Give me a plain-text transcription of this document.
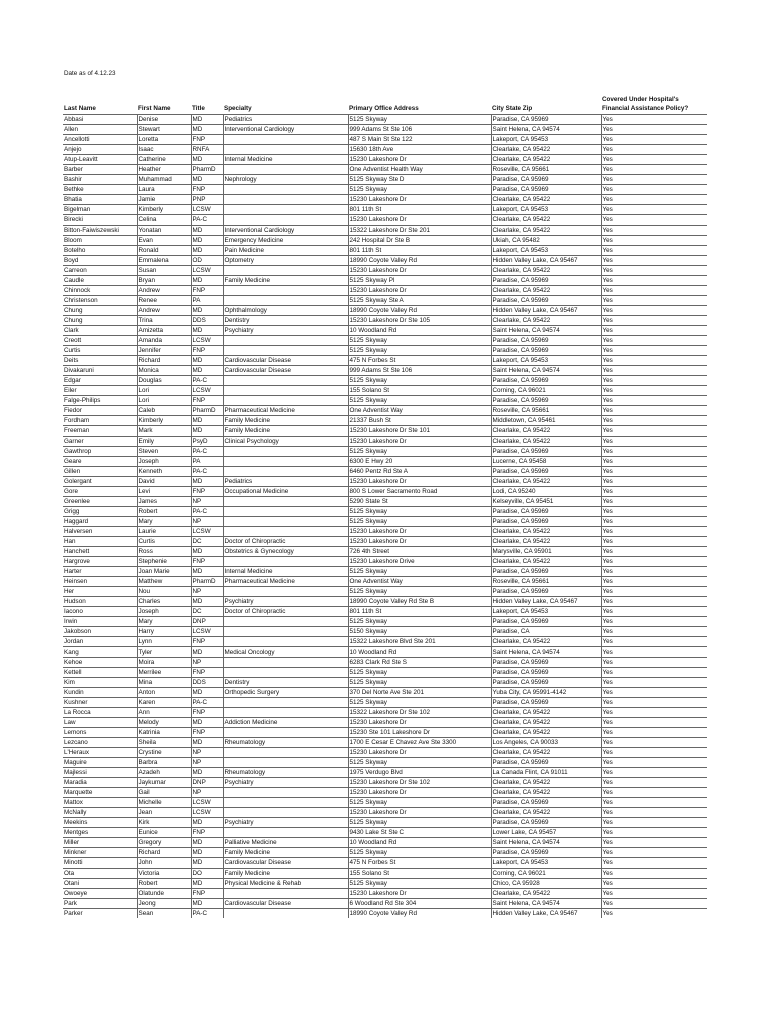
Date as of 4.12.23
Last Name	First Name	Title	Specialty	Primary Office Address	City State Zip	Covered Under Hospital's Financial Assistance Policy?
Abbasi	Denise	MD	Pediatrics	5125 Skyway	Paradise, CA 95969	Yes
Allen	Stewart	MD	Interventional Cardiology	999 Adams St Ste 106	Saint Helena, CA 94574	Yes
Ancellotti	Loretta	FNP		487 S Main St Ste 122	Lakeport, CA 95453	Yes
Anjejo	Isaac	RNFA		15630 18th Ave	Clearlake, CA 95422	Yes
Atup-Leavitt	Catherine	MD	Internal Medicine	15230 Lakeshore Dr	Clearlake, CA 95422	Yes
Barber	Heather	PharmD		One Adventist Health Way	Roseville, CA 95661	Yes
Bashir	Muhammad	MD	Nephrology	5125 Skyway Ste D	Paradise, CA 95969	Yes
Bethke	Laura	FNP		5125 Skyway	Paradise, CA 95969	Yes
Bhatia	Jamie	PNP		15230 Lakeshore Dr	Clearlake, CA 95422	Yes
Bigelman	Kimberly	LCSW		801 11th St	Lakeport, CA 95453	Yes
Birecki	Celina	PA-C		15230 Lakeshore Dr	Clearlake, CA 95422	Yes
Bitton-Faiwiszewski	Yonatan	MD	Interventional Cardiology	15322 Lakeshore Dr Ste 201	Clearlake, CA 95422	Yes
Bloom	Evan	MD	Emergency Medicine	242 Hospital Dr Ste B	Ukiah, CA 95482	Yes
Botelho	Ronald	MD	Pain Medicine	801 11th St	Lakeport, CA 95453	Yes
Boyd	Emmalena	OD	Optometry	18990 Coyote Valley Rd	Hidden Valley Lake, CA 95467	Yes
Carreon	Susan	LCSW		15230 Lakeshore Dr	Clearlake, CA 95422	Yes
Caudle	Bryan	MD	Family Medicine	5125 Skyway Pl	Paradise, CA 95969	Yes
Chinnock	Andrew	FNP		15230 Lakeshore Dr	Clearlake, CA 95422	Yes
Christenson	Renee	PA		5125 Skyway Ste A	Paradise, CA 95969	Yes
Chung	Andrew	MD	Ophthalmology	18990 Coyote Valley Rd	Hidden Valley Lake, CA 95467	Yes
Chung	Trina	DDS	Dentistry	15230 Lakeshore Dr Ste 105	Clearlake, CA 95422	Yes
Clark	Amizetta	MD	Psychiatry	10 Woodland Rd	Saint Helena, CA 94574	Yes
Creott	Amanda	LCSW		5125 Skyway	Paradise, CA 95969	Yes
Curtis	Jennifer	FNP		5125 Skyway	Paradise, CA 95969	Yes
Deits	Richard	MD	Cardiovascular Disease	475 N Forbes St	Lakeport, CA 95453	Yes
Divakaruni	Monica	MD	Cardiovascular Disease	999 Adams St Ste 106	Saint Helena, CA 94574	Yes
Edgar	Douglas	PA-C		5125 Skyway	Paradise, CA 95969	Yes
Eiler	Lori	LCSW		155 Solano St	Corning, CA 96021	Yes
Falge-Philips	Lori	FNP		5125 Skyway	Paradise, CA 95969	Yes
Fiedor	Caleb	PharmD	Pharmaceutical Medicine	One Adventist Way	Roseville, CA 95661	Yes
Fordham	Kimberly	MD	Family Medicine	21337 Bush St	Middletown, CA 95461	Yes
Freeman	Mark	MD	Family Medicine	15230 Lakeshore Dr Ste 101	Clearlake, CA 95422	Yes
Garner	Emily	PsyD	Clinical Psychology	15230 Lakeshore Dr	Clearlake, CA 95422	Yes
Gawthrop	Steven	PA-C		5125 Skyway	Paradise, CA 95969	Yes
Geare	Joseph	PA		6300 E Hwy 20	Lucerne, CA 95458	Yes
Gillen	Kenneth	PA-C		6460 Pentz Rd Ste A	Paradise, CA 95969	Yes
Golergant	David	MD	Pediatrics	15230 Lakeshore Dr	Clearlake, CA 95422	Yes
Gore	Levi	FNP	Occupational Medicine	800 S Lower Sacramento Road	Lodi, CA 95240	Yes
Greenlee	James	NP		5290 State St	Kelseyville, CA 95451	Yes
Grigg	Robert	PA-C		5125 Skyway	Paradise, CA 95969	Yes
Haggard	Mary	NP		5125 Skyway	Paradise, CA 95969	Yes
Halversen	Laurie	LCSW		15230 Lakeshore Dr	Clearlake, CA 95422	Yes
Han	Curtis	DC	Doctor of Chiropractic	15230 Lakeshore Dr	Clearlake, CA 95422	Yes
Hanchett	Ross	MD	Obstetrics & Gynecology	726 4th Street	Marysville, CA 95901	Yes
Hargrove	Stephenie	FNP		15230 Lakeshore Drive	Clearlake, CA 95422	Yes
Harter	Joan Marie	MD	Internal Medicine	5125 Skyway	Paradise, CA 95969	Yes
Heinsen	Matthew	PharmD	Pharmaceutical Medicine	One Adventist Way	Roseville, CA 95661	Yes
Her	Nou	NP		5125 Skyway	Paradise, CA 95969	Yes
Hudson	Charles	MD	Psychiatry	18990 Coyote Valley Rd Ste B	Hidden Valley Lake, CA 95467	Yes
Iacono	Joseph	DC	Doctor of Chiropractic	801 11th St	Lakeport, CA 95453	Yes
Irwin	Mary	DNP		5125 Skyway	Paradise, CA 95969	Yes
Jakobson	Harry	LCSW		5150 Skyway	Paradise, CA	Yes
Jordan	Lynn	FNP		15322 Lakeshore Blvd Ste 201	Clearlake, CA 95422	Yes
Kang	Tyler	MD	Medical Oncology	10 Woodland Rd	Saint Helena, CA 94574	Yes
Kehoe	Moira	NP		6283 Clark Rd Ste S	Paradise, CA 95969	Yes
Kettell	Merrilee	FNP		5125 Skyway	Paradise, CA 95969	Yes
Kim	Mina	DDS	Dentistry	5125 Skyway	Paradise, CA 95969	Yes
Kundin	Anton	MD	Orthopedic Surgery	370 Del Norte Ave Ste 201	Yuba City, CA 95991-4142	Yes
Kushner	Karen	PA-C		5125 Skyway	Paradise, CA 95969	Yes
La Rocca	Ann	FNP		15322 Lakeshore Dr Ste 102	Clearlake, CA 95422	Yes
Law	Melody	MD	Addiction Medicine	15230 Lakeshore Dr	Clearlake, CA 95422	Yes
Lemons	Katrinia	FNP		15230 Ste 101 Lakeshore Dr	Clearlake, CA 95422	Yes
Lezcano	Sheila	MD	Rheumatology	1700 E Cesar E Chavez Ave Ste 3300	Los Angeles, CA 90033	Yes
L'Heraux	Crystine	NP		15230 Lakeshore Dr	Clearlake, CA 95422	Yes
Maguire	Barbra	NP		5125 Skyway	Paradise, CA 95969	Yes
Majlessi	Azadeh	MD	Rheumatology	1975 Verdugo Blvd	La Canada Flint, CA 91011	Yes
Maradia	Jaykumar	DNP	Psychiatry	15230 Lakeshore Dr Ste 102	Clearlake, CA 95422	Yes
Marquette	Gail	NP		15230 Lakeshore Dr	Clearlake, CA 95422	Yes
Mattox	Michelle	LCSW		5125 Skyway	Paradise, CA 95969	Yes
McNally	Jean	LCSW		15230 Lakeshore Dr	Clearlake, CA 95422	Yes
Meekins	Kirk	MD	Psychiatry	5125 Skyway	Paradise, CA 95969	Yes
Mentges	Eunice	FNP		9430 Lake St Ste C	Lower Lake, CA 95457	Yes
Miller	Gregory	MD	Palliative Medicine	10 Woodland Rd	Saint Helena, CA 94574	Yes
Minkner	Richard	MD	Family Medicine	5125 Skyway	Paradise, CA 95969	Yes
Minotti	John	MD	Cardiovascular Disease	475 N Forbes St	Lakeport, CA 95453	Yes
Ota	Victoria	DO	Family Medicine	155 Solano St	Corning, CA 96021	Yes
Otani	Robert	MD	Physical Medicine & Rehab	5125 Skyway	Chico, CA 95928	Yes
Owoeye	Olatunde	FNP		15230 Lakeshore Dr	Clearlake, CA 95422	Yes
Park	Jeong	MD	Cardiovascular Disease	6 Woodland Rd Ste 304	Saint Helena, CA 94574	Yes
Parker	Sean	PA-C		18990 Coyote Valley Rd	Hidden Valley Lake, CA 95467	Yes
